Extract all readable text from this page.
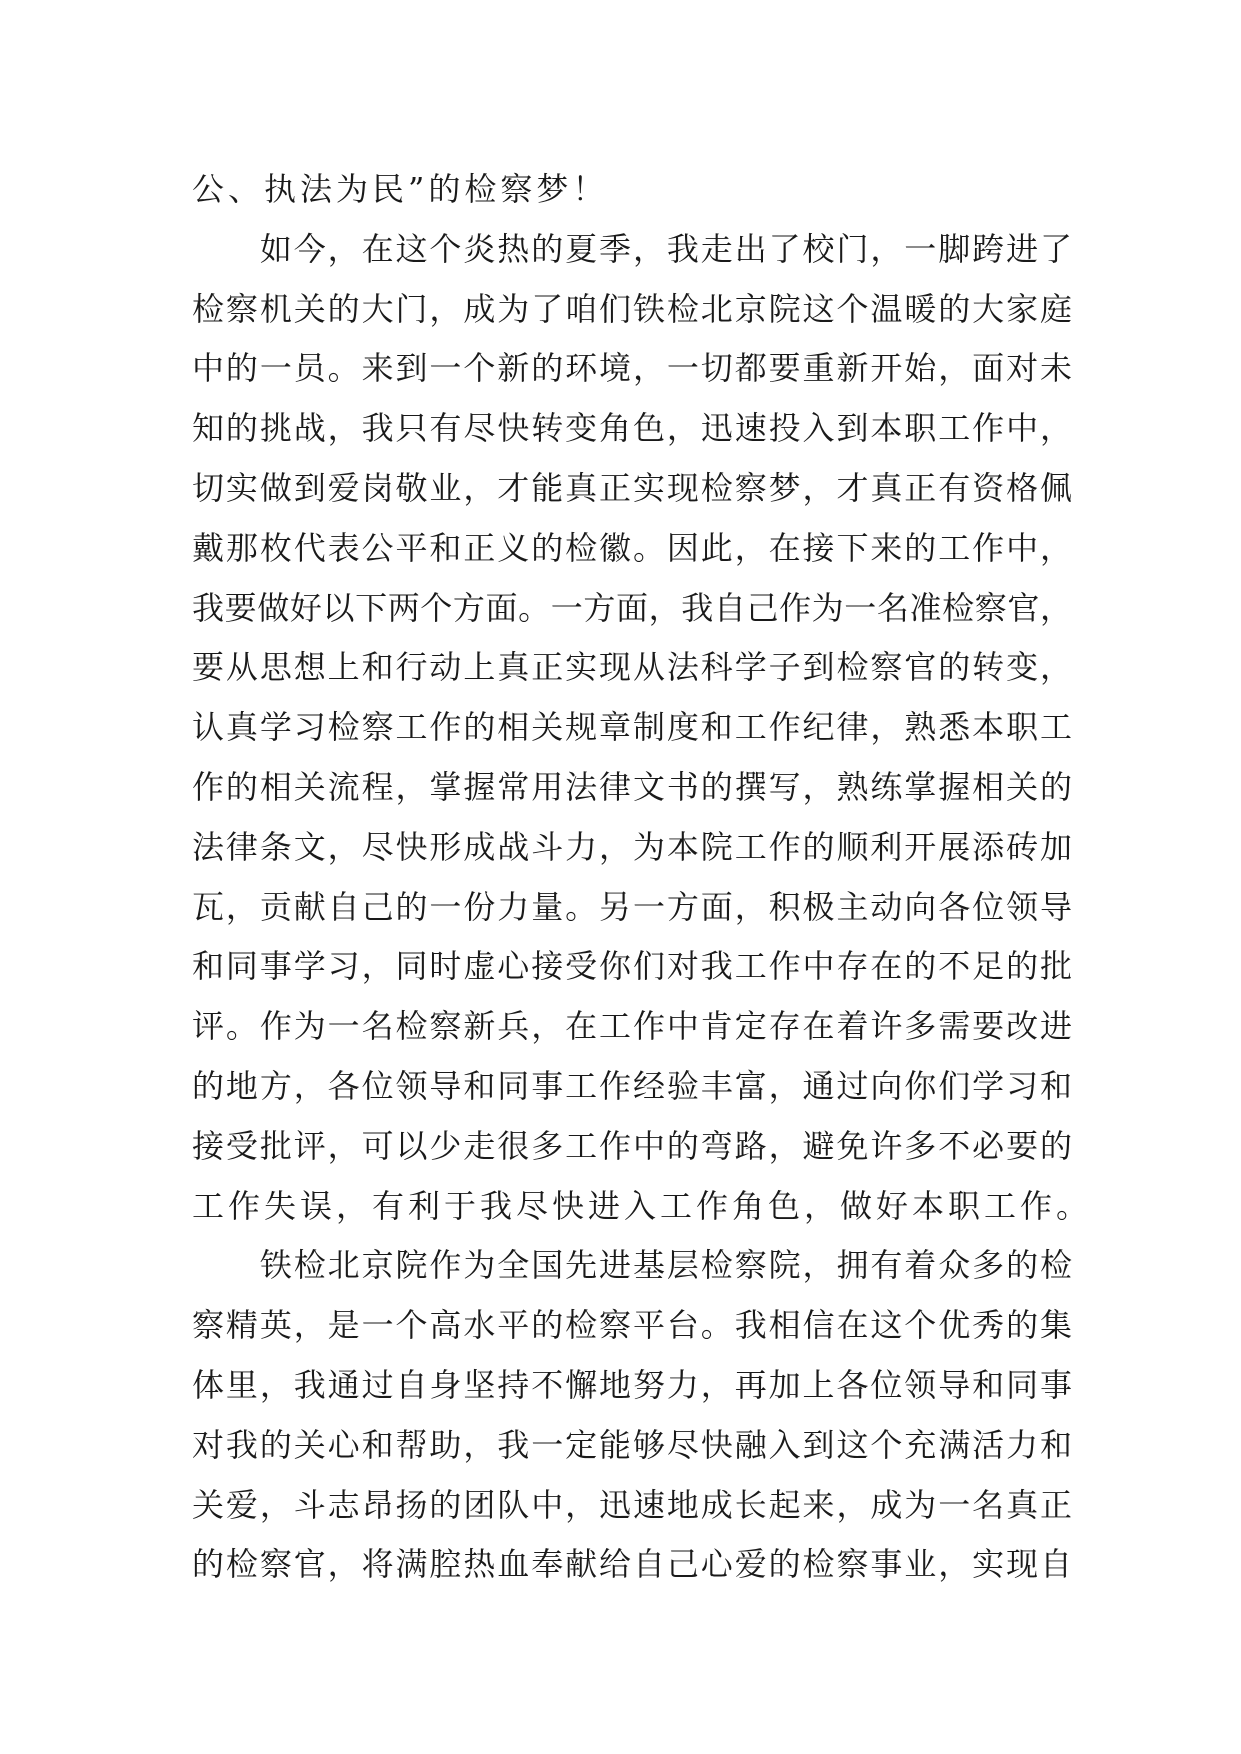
公、执法为民”的检察梦！
　　如今，在这个炎热的夏季，我走出了校门，一脚跨进了
检察机关的大门，成为了咱们铁检北京院这个温暖的大家庭
中的一员。来到一个新的环境，一切都要重新开始，面对未
知的挑战，我只有尽快转变角色，迅速投入到本职工作中，
切实做到爱岗敬业，才能真正实现检察梦，才真正有资格佩
戴那枚代表公平和正义的检徽。因此，在接下来的工作中，
我要做好以下两个方面。一方面，我自己作为一名准检察官，
要从思想上和行动上真正实现从法科学子到检察官的转变，
认真学习检察工作的相关规章制度和工作纪律，熟悉本职工
作的相关流程，掌握常用法律文书的撰写，熟练掌握相关的
法律条文，尽快形成战斗力，为本院工作的顺利开展添砖加
瓦，贡献自己的一份力量。另一方面，积极主动向各位领导
和同事学习，同时虚心接受你们对我工作中存在的不足的批
评。作为一名检察新兵，在工作中肯定存在着许多需要改进
的地方，各位领导和同事工作经验丰富，通过向你们学习和
接受批评，可以少走很多工作中的弯路，避免许多不必要的
工作失误，有利于我尽快进入工作角色，做好本职工作。
　　铁检北京院作为全国先进基层检察院，拥有着众多的检
察精英，是一个高水平的检察平台。我相信在这个优秀的集
体里，我通过自身坚持不懈地努力，再加上各位领导和同事
对我的关心和帮助，我一定能够尽快融入到这个充满活力和
关爱，斗志昂扬的团队中，迅速地成长起来，成为一名真正
的检察官，将满腔热血奉献给自己心爱的检察事业，实现自
